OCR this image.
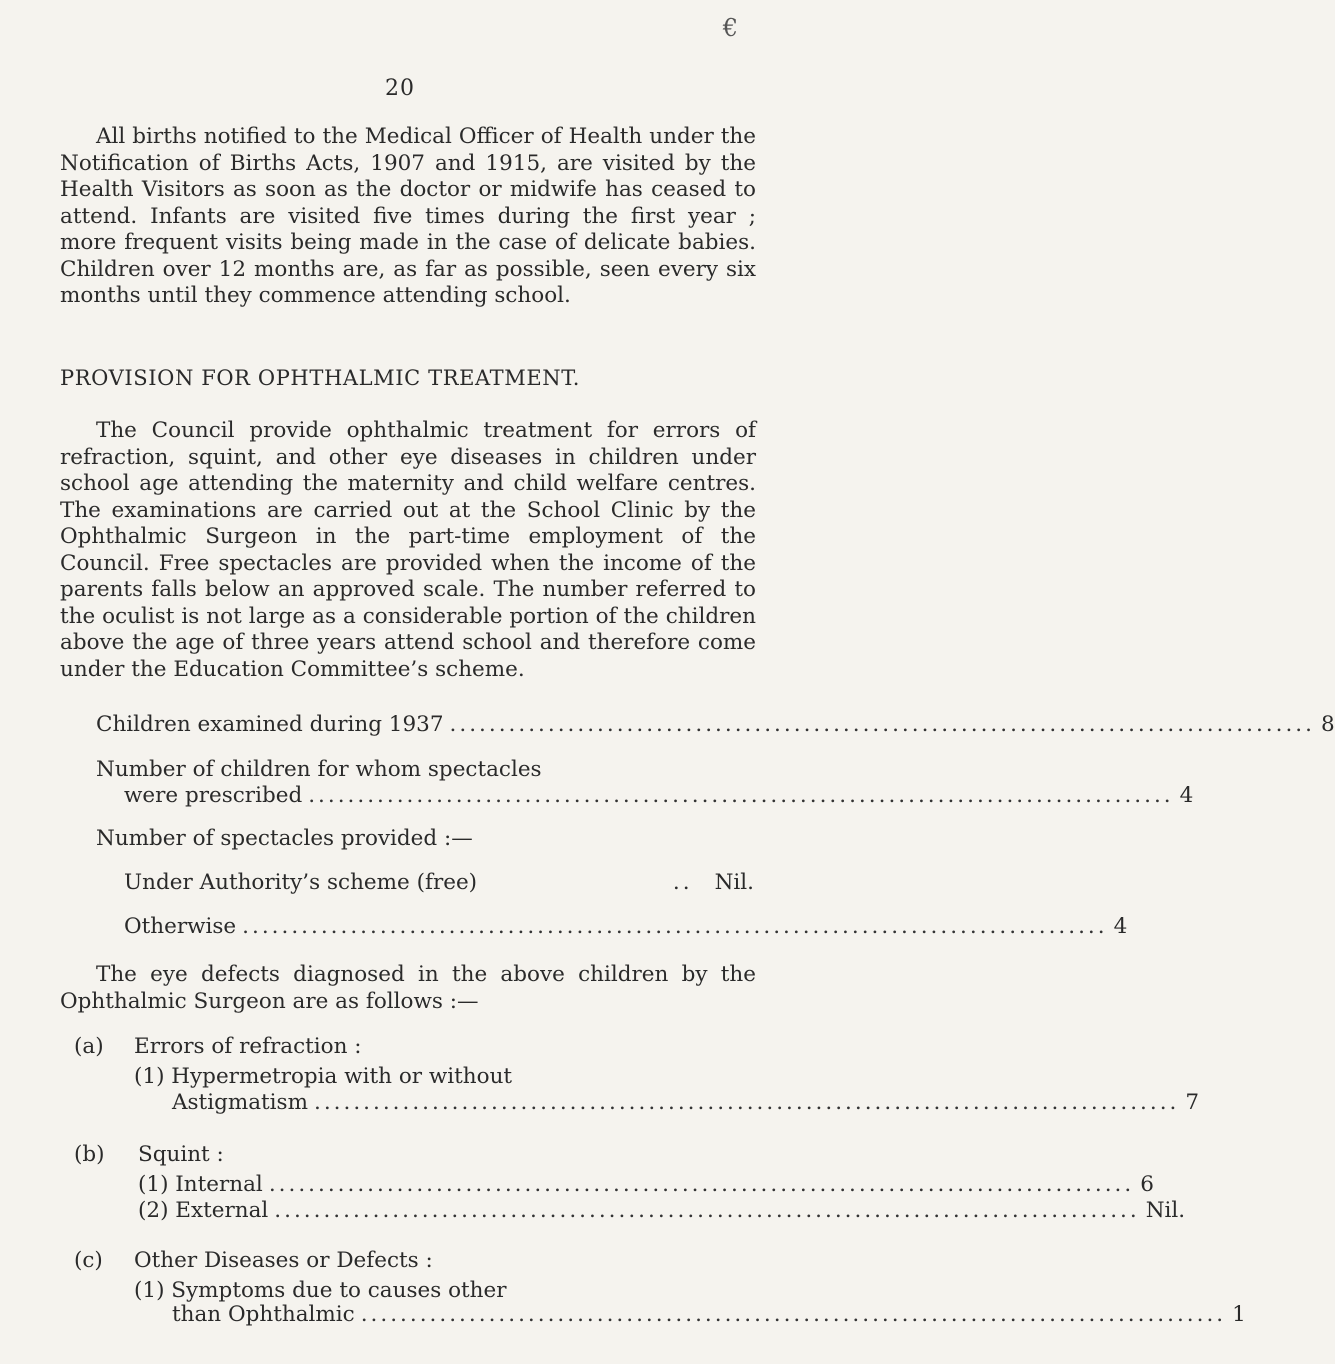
€
20

All births notified to the Medical Officer of Health under the Notification of Births Acts, 1907 and 1915, are visited by the Health Visitors as soon as the doctor or midwife has ceased to attend. Infants are visited five times during the first year ; more frequent visits being made in the case of delicate babies. Children over 12 months are, as far as possible, seen every six months until they commence attending school.

PROVISION FOR OPHTHALMIC TREATMENT.

The Council provide ophthalmic treatment for errors of refraction, squint, and other eye diseases in children under school age attending the maternity and child welfare centres. The examinations are carried out at the School Clinic by the Ophthalmic Surgeon in the part-time employment of the Council. Free spectacles are provided when the income of the parents falls below an approved scale. The number referred to the oculist is not large as a considerable portion of the children above the age of three years attend school and therefore come under the Education Committee’s scheme.

Children examined during 1937 ........................................................................................ 8
Number of children for whom spectacles
were prescribed ........................................................................................ 4
Number of spectacles provided :—
Under Authority’s scheme (free)	.. Nil.
Otherwise ........................................................................................ 4

The eye defects diagnosed in the above children by the Ophthalmic Surgeon are as follows :—

(a) Errors of refraction :
(1) Hypermetropia with or without
Astigmatism ........................................................................................ 7
(b) Squint :
(1) Internal ........................................................................................ 6
(2) External ........................................................................................ Nil.
(c) Other Diseases or Defects :
(1) Symptoms due to causes other
than Ophthalmic ........................................................................................ 1
